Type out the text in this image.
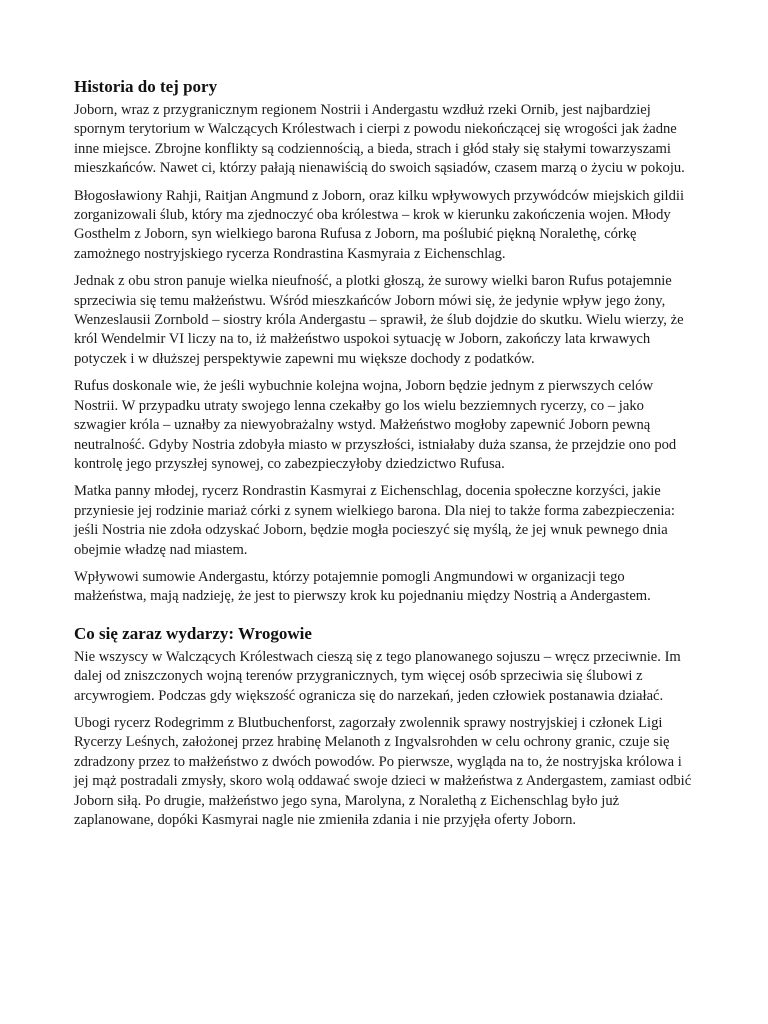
Historia do tej pory

Joborn, wraz z przygranicznym regionem Nostrii i Andergastu wzdłuż rzeki Ornib, jest najbardziej spornym terytorium w Walczących Królestwach i cierpi z powodu niekończącej się wrogości jak żadne inne miejsce. Zbrojne konflikty są codziennością, a bieda, strach i głód stały się stałymi towarzyszami mieszkańców. Nawet ci, którzy pałają nienawiścią do swoich sąsiadów, czasem marzą o życiu w pokoju.

Błogosławiony Rahji, Raitjan Angmund z Joborn, oraz kilku wpływowych przywódców miejskich gildii zorganizowali ślub, który ma zjednoczyć oba królestwa – krok w kierunku zakończenia wojen. Młody Gosthelm z Joborn, syn wielkiego barona Rufusa z Joborn, ma poślubić piękną Noralethę, córkę zamożnego nostryjskiego rycerza Rondrastina Kasmyraia z Eichenschlag.

Jednak z obu stron panuje wielka nieufność, a plotki głoszą, że surowy wielki baron Rufus potajemnie sprzeciwia się temu małżeństwu. Wśród mieszkańców Joborn mówi się, że jedynie wpływ jego żony, Wenzeslausii Zornbold – siostry króla Andergastu – sprawił, że ślub dojdzie do skutku. Wielu wierzy, że król Wendelmir VI liczy na to, iż małżeństwo uspokoi sytuację w Joborn, zakończy lata krwawych potyczek i w dłuższej perspektywie zapewni mu większe dochody z podatków.

Rufus doskonale wie, że jeśli wybuchnie kolejna wojna, Joborn będzie jednym z pierwszych celów Nostrii. W przypadku utraty swojego lenna czekałby go los wielu bezziemnych rycerzy, co – jako szwagier króla – uznałby za niewyobrażalny wstyd. Małżeństwo mogłoby zapewnić Joborn pewną neutralność. Gdyby Nostria zdobyła miasto w przyszłości, istniałaby duża szansa, że przejdzie ono pod kontrolę jego przyszłej synowej, co zabezpieczyłoby dziedzictwo Rufusa.

Matka panny młodej, rycerz Rondrastin Kasmyrai z Eichenschlag, docenia społeczne korzyści, jakie przyniesie jej rodzinie mariaż córki z synem wielkiego barona. Dla niej to także forma zabezpieczenia: jeśli Nostria nie zdoła odzyskać Joborn, będzie mogła pocieszyć się myślą, że jej wnuk pewnego dnia obejmie władzę nad miastem.

Wpływowi sumowie Andergastu, którzy potajemnie pomogli Angmundowi w organizacji tego małżeństwa, mają nadzieję, że jest to pierwszy krok ku pojednaniu między Nostrią a Andergastem.

Co się zaraz wydarzy: Wrogowie

Nie wszyscy w Walczących Królestwach cieszą się z tego planowanego sojuszu – wręcz przeciwnie. Im dalej od zniszczonych wojną terenów przygranicznych, tym więcej osób sprzeciwia się ślubowi z arcywrogiem. Podczas gdy większość ogranicza się do narzekań, jeden człowiek postanawia działać.

Ubogi rycerz Rodegrimm z Blutbuchenforst, zagorzały zwolennik sprawy nostryjskiej i członek Ligi Rycerzy Leśnych, założonej przez hrabinę Melanoth z Ingvalsrohden w celu ochrony granic, czuje się zdradzony przez to małżeństwo z dwóch powodów. Po pierwsze, wygląda na to, że nostryjska królowa i jej mąż postradali zmysły, skoro wolą oddawać swoje dzieci w małżeństwa z Andergastem, zamiast odbić Joborn siłą. Po drugie, małżeństwo jego syna, Marolyna, z Noralethą z Eichenschlag było już zaplanowane, dopóki Kasmyrai nagle nie zmieniła zdania i nie przyjęła oferty Joborn.
